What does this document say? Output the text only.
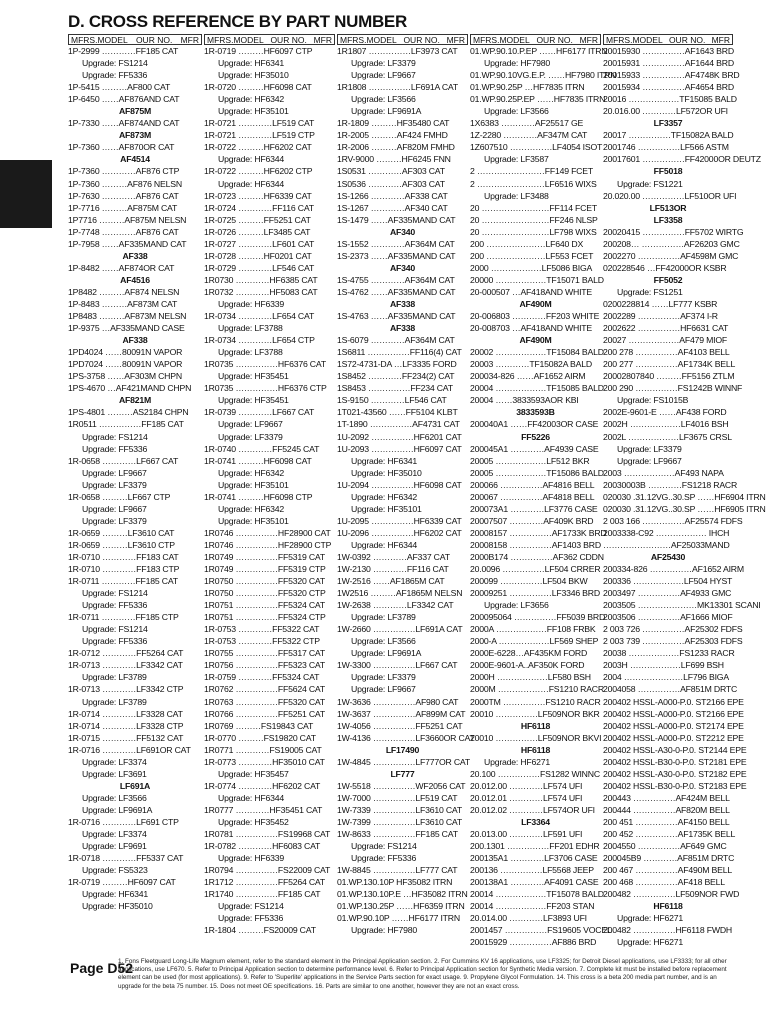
D. CROSS REFERENCE BY PART NUMBER
MFRS.MODEL OUR NO. MFR
1P-2999 …………FF185 CAT
Upgrade: FS1214
Upgrade: FF5336
1P-5415 ………AF800 CAT
1P-6450 ……AF876AND CAT
AF875M
1P-7330 ……AF874AND CAT
AF873M
1P-7360 ……AF870OR CAT
AF4514
1P-7360 …………AF876 CTP
1P-7360 ………AF876 NELSN
1P-7630 …………AF876 CAT
1P-7716 ………AF875M CAT
1P7716 ………AF875M NELSN
1P-7748 …………AF876 CAT
1P-7958 ……AF335MAND CAT
AF338
1P-8482 ……AF874OR CAT
AF4516
1P8482 ………AF874 NELSN
1P-8483 ………AF873M CAT
1P8483 ………AF873M NELSN
1P-9375 …AF335MAND CASE
AF338
1PD4024 ……80091N VAPOR
1PD7024 ……80091N VAPOR
1PS-3758 ……AF303M CHPN
1PS-4670 …AF421MAND CHPN
AF821M
1PS-4801 ………AS2184 CHPN
1R0511 ……………FF185 CAT
Upgrade: FS1214
Upgrade: FF5336
1R-0658 …………LF667 CAT
Upgrade: LF9667
Upgrade: LF3379
1R-0658 ………LF667 CTP
Upgrade: LF9667
Upgrade: LF3379
1R-0659 ………LF3610 CAT
1R-0659 ………LF3610 CTP
1R-0710 …………FF183 CAT
1R-0710 …………FF183 CTP
1R-0711 …………FF185 CAT
Upgrade: FS1214
Upgrade: FF5336
1R-0711 …………FF185 CTP
Upgrade: FS1214
Upgrade: FF5336
1R-0712 …………FF5264 CAT
1R-0713 …………LF3342 CAT
Upgrade: LF3789
1R-0713 …………LF3342 CTP
Upgrade: LF3789
1R-0714 …………LF3328 CAT
1R-0714 …………LF3328 CTP
1R-0715 …………FF5132 CAT
1R-0716 …………LF691OR CAT
Upgrade: LF3374
Upgrade: LF3691
LF691A
Upgrade: LF3566
Upgrade: LF9691A
1R-0716 …………LF691 CTP
Upgrade: LF3374
Upgrade: LF9691
1R-0718 …………FF5337 CAT
Upgrade: FS5323
1R-0719 ………HF6097 CAT
Upgrade: HF6341
Upgrade: HF35010
MFRS.MODEL OUR NO. MFR
1R-0719 ………HF6097 CTP
Upgrade: HF6341
Upgrade: HF35010
1R-0720 ………HF6098 CAT
Upgrade: HF6342
Upgrade: HF35101
1R-0721 …………LF519 CAT
1R-0721 …………LF519 CTP
1R-0722 ………HF6202 CAT
Upgrade: HF6344
1R-0722 ………HF6202 CTP
Upgrade: HF6344
1R-0723 ………HF6339 CAT
1R-0724 …………FF116 CAT
1R-0725 ………FF5251 CAT
1R-0726 ………LF3485 CAT
1R-0727 …………LF601 CAT
1R-0728 ………HF0201 CAT
1R-0729 …………LF546 CAT
1R0730 …………HF6385 CAT
1R0732 …………HF5083 CAT
Upgrade: HF6339
1R-0734 …………LF654 CAT
Upgrade: LF3788
1R-0734 …………LF654 CTP
Upgrade: LF3788
1R0735 ……………HF6376 CAT
Upgrade: HF35451
1R0735 ……………HF6376 CTP
Upgrade: HF35451
1R-0739 …………LF667 CAT
Upgrade: LF9667
Upgrade: LF3379
1R-0740 …………FF5245 CAT
1R-0741 ………HF6098 CAT
Upgrade: HF6342
Upgrade: HF35101
1R-0741 ………HF6098 CTP
Upgrade: HF6342
Upgrade: HF35101
1R0746 ……………HF28900 CAT
1R0746 ……………HF28900 CTP
1R0749 ……………FF5319 CAT
1R0749 ……………FF5319 CTP
1R0750 ……………FF5320 CAT
1R0750 ……………FF5320 CTP
1R0751 ……………FF5324 CAT
1R0751 ……………FF5324 CTP
1R-0753 …………FF5322 CAT
1R-0753 …………FF5322 CTP
1R0755 ……………FF5317 CAT
1R0756 ……………FF5323 CAT
1R-0759 …………FF5324 CAT
1R0762 ……………FF5624 CAT
1R0763 ……………FF5320 CAT
1R0766 ……………FF5251 CAT
1R0769 ………FS19843 CAT
1R-0770 ………FS19820 CAT
1R0771 …………FS19005 CAT
1R-0773 …………HF35010 CAT
Upgrade: HF35457
1R-0774 …………HF6202 CAT
Upgrade: HF6344
1R0777 …………HF35451 CAT
Upgrade: HF35452
1R0781 ……………FS19968 CAT
1R-0782 …………HF6083 CAT
Upgrade: HF6339
1R0794 ……………FS22009 CAT
1R1712 ……………FF5264 CAT
1R1740 ……………FF185 CAT
Upgrade: FS1214
Upgrade: FF5336
1R-1804 ………FS20009 CAT
MFRS.MODEL OUR NO. MFR
1R1807 ……………LF3973 CAT
Upgrade: LF3379
Upgrade: LF9667
1R1808 ……………LF691A CAT
Upgrade: LF3566
Upgrade: LF9691A
1R-1809 ………HF35480 CAT
1R-2005 ………AF424 FMHD
1R-2006 ………AF820M FMHD
1RV-9000 ………HF6245 FNN
1S0531 …………AF303 CAT
1S0536 …………AF303 CAT
1S-1266 …………AF338 CAT
1S-1267 …………AF340 CAT
1S-1479 ……AF335MAND CAT
AF340
1S-1552 …………AF364M CAT
1S-2373 ……AF335MAND CAT
AF340
1S-4755 …………AF364M CAT
1S-4762 ……AF335MAND CAT
AF338
1S-4763 ……AF335MAND CAT
AF338
1S-6079 …………AF364M CAT
1S6811 ……………FF116(4) CAT
1S72-4731-DA …LF3335 FORD
1S8452 …………FF234(2) CAT
1S8453 ……………FF234 CAT
1S-9150 …………LF546 CAT
1T021-43560 ……FF5104 KLBT
1T-1890 ……………AF4731 CAT
1U-2092 ……………HF6201 CAT
1U-2093 ……………HF6097 CAT
Upgrade: HF6341
Upgrade: HF35010
1U-2094 ……………HF6098 CAT
Upgrade: HF6342
Upgrade: HF35101
1U-2095 ……………HF6339 CAT
1U-2096 ……………HF6202 CAT
Upgrade: HF6344
1W-0392 …………AF337 CAT
1W-2130 …………FF116 CAT
1W-2516 ……AF1865M CAT
1W2516 ………AF1865M NELSN
1W-2638 …………LF3342 CAT
Upgrade: LF3789
1W-2660 ……………LF691A CAT
Upgrade: LF3566
Upgrade: LF9691A
1W-3300 ……………LF667 CAT
Upgrade: LF3379
Upgrade: LF9667
1W-3636 ……………AF980 CAT
1W-3637 ……………AF899M CAT
1W-4056 ……………FF5251 CAT
1W-4136 ……………LF3660OR CAT
LF17490
1W-4845 ……………LF777OR CAT
LF777
1W-5518 ……………WF2056 CAT
1W-7000 ……………LF519 CAT
1W-7339 ……………LF3610 CAT
1W-7399 ……………LF3610 CAT
1W-8633 ……………FF185 CAT
Upgrade: FS1214
Upgrade: FF5336
1W-8845 ……………LF777 CAT
01.WP.130.10P HF35082 ITRN
01.WP.130.10P.E …HF35082 ITRN
01.WP.130.25P ……HF6359 ITRN
01.WP.90.10P ……HF6177 ITRN
Upgrade: HF7980
MFRS.MODEL OUR NO. MFR
01.WP.90.10.P.EP ……HF6177 ITRN
Upgrade: HF7980
01.WP.90.10VG.E.P. ……HF7980 ITRN
01.WP.90.25P …HF7835 ITRN
01.WP.90.25P.EP ……HF7835 ITRN
Upgrade: LF3566
1X6383 …………AF25517 GE
1Z-2280 …………AF347M CAT
1Z607510 ……………LF4054 ISOT
Upgrade: LF3587
2 ……………………FF149 FCET
2 ……………………LF6516 WIXS
Upgrade: LF3488
20 ……………………FF114 FCET
20 ……………………FF246 NLSP
20 ……………………LF798 WIXS
200 …………………LF640 DX
200 …………………LF553 FCET
2000 ………………LF5086 BIGA
20000 ………………TF15071 BALD
20-000507 …AF418AND WHITE
AF490M
20-006803 …………FF203 WHITE
20-008703 …AF418AND WHITE
AF490M
20002 ………………TF15084 BALD
20003 …………TF15082A BALD
200034-826 ……AF1652 AIRM
20004 ………………TF15085 BALD
20004 ……3833593AOR KBI
3833593B
200040A1 ……FF42003OR CASE
FF5226
200045A1 …………AF4939 CASE
20005 ………………LF512 BKR
20005 ………………TF15086 BALD
200066 ……………AF4816 BELL
200067 ……………AF4818 BELL
200073A1 …………LF3776 CASE
20007507 …………AF409K BRD
20008157 ……………AF1733K BRD
20008158 ……………AF1403 BRD
2000B174 ……………AF362 CDDN
20.0096 ……………LF504 CRRER
200099 ……………LF504 BKW
20009251 ……………LF3346 BRD
Upgrade: LF3656
200095064 ……………FF5039 BRD
2000A ………………FF108 FRBK
2000-A ………………LF569 SHEP
2000E-6228…AF435KM FORD
2000E-9601-A..AF350K FORD
2000H ………………LF580 BSH
2000M ………………FS1210 RACR
2000TM ……………FS1210 RACR
20010 ……………LF509NOR BKR
HF6118
20010 ……………LF509NOR BKVI
HF6118
Upgrade: HF6271
20.100 ……………FS1282 WINNC
20.012.00 …………LF574 UFI
20.012.01 …………LF574 UFI
20.012.02 …………LF574OR UFI
LF3364
20.013.00 …………LF591 UFI
200.1301 ……………FF201 EDHR
200135A1 …………LF3706 CASE
200136 ……………LF5568 JEEP
200138A1 …………AF4091 CASE
20014 ………………TF15078 BALD
20014 ………………FF203 STAN
20.014.00 …………LF3893 UFI
2001457 ……………FS19605 VOCEL
20015929 ……………AF886 BRD
MFRS.MODEL OUR NO. MFR
20015930 ……………AF1643 BRD
20015931 ……………AF1644 BRD
20015933 ……………AF4748K BRD
20015934 ……………AF4654 BRD
20016 ………………TF15085 BALD
20.016.00 …………LF572OR UFI
LF3357
20017 ……………TF15082A BALD
2001746 ……………LF566 ASTM
20017601 ……………FF42000OR DEUTZ
FF5018
Upgrade: FS1221
20.020.00 ……………LF510OR UFI
LF513OR
LF3358
20020415 ……………FF5702 WIRTG
200208… ……………AF26203 GMC
2002270 ……………AF4598M GMC
020228546 …FF42000OR KSBR
FF5052
Upgrade: FS1251
0200228814 ……LF777 KSBR
2002289 ……………AF374 I-R
2002622 ……………HF6631 CAT
20027 ………………AF479 MIOF
200 278 ……………AF4103 BELL
200 277 ……………AF1734K BELL
20002807840 ………FF5156 ZTLM
200 290 ……………FS1242B WINNF
Upgrade: FS1015B
2002E-9601-E ……AF438 FORD
2002H ………………LF4016 BSH
2002L ………………LF3675 CRSL
Upgrade: LF3379
Upgrade: LF9667
2003 ………………AF493 NAPA
20030003B …………FS1218 RACR
020030 .31.12VG..30.SP ……HF6904 ITRN
020030 .31.12VG..30.SP ……HF6905 ITRN
2 003 166 ……………AF25574 FDFS
2003338-C92 ……………… IHCH
……………………AF25033MAND
AF25430
200334-826 ……………AF1652 AIRM
200336 ………………LF504 HYST
2003497 ……………AF4933 GMC
2003505 …………………MK13301 SCANI
2003506 ……………AF1666 MIOF
2 003 726 ……………AF25302 FDFS
2 003 739 ……………AF25303 FDFS
20038 ………………FS1233 RACR
2003H ………………LF699 BSH
2004 …………………LF796 BIGA
2004058 ……………AF851M DRTC
200402 HSSL-A000-P.0. ST2166 EPE
200402 HSSL-A000-P.0. ST2166 EPE
200402 HSSL-A000-P.0. ST2174 EPE
200402 HSSL-A000-P.0. ST2212 EPE
200402 HSSL-A30-0-P.0. ST2144 EPE
200402 HSSL-B30-0-P.0. ST2181 EPE
200402 HSSL-A30-0-P.0. ST2182 EPE
200402 HSSL-B30-0-P.0. ST2183 EPE
200443 ……………AF424M BELL
200444 ……………AF820M BELL
200 451 ……………AF4150 BELL
200 452 ……………AF1735K BELL
2004550 ……………AF649 GMC
200045B9 …………AF851M DRTC
200 467 ……………AF490M BELL
200 468 ……………AF418 BELL
200482 ……………LF509NOR FWD
HF6118
Upgrade: HF6271
200482 ……………HF6118 FWDH
Upgrade: HF6271
Page D52
1. Fons Fleetguard Long-Life Magnum element, refer to the standard element in the Principal Application section. 2. For Cummins KV 16 applications, use LF3325; for Detroit Diesel applications, use LF3333; for all other applications, use LF670. 5. Refer to Principal Application section to determine performance level. 6. Refer to Principal Application section for Synthetic Media version. 7. Complete kit must be installed before replacement element can be used (for most applications). 9. Refer to 'Superlite' applications in the Service Parts section for exact usage. 9. Propylene Glycol Formulation. 14. This cross is a beta 200 media part number, and is an upgrade for the beta 75 number. 15. Does not meet OE specifications. 16. Parts are similar to one another, however they are not an exact cross.
